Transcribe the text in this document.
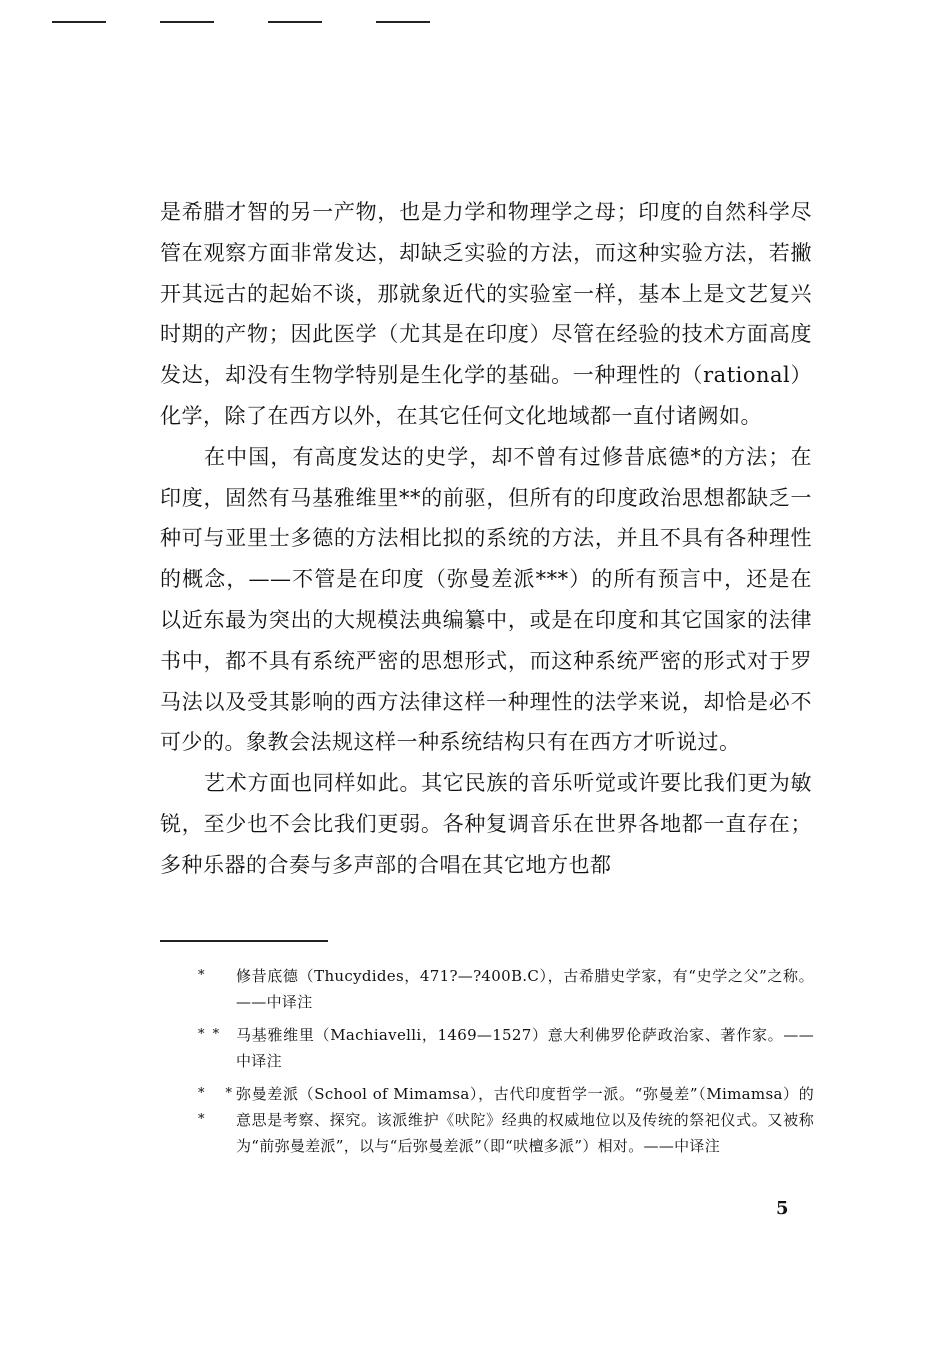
是希腊才智的另一产物，也是力学和物理学之母；印度的自然科学尽管在观察方面非常发达，却缺乏实验的方法，而这种实验方法，若撇开其远古的起始不谈，那就象近代的实验室一样，基本上是文艺复兴时期的产物；因此医学（尤其是在印度）尽管在经验的技术方面高度发达，却没有生物学特别是生化学的基础。一种理性的（rational）化学，除了在西方以外，在其它任何文化地域都一直付诸阙如。

在中国，有高度发达的史学，却不曾有过修昔底德*的方法；在印度，固然有马基雅维里**的前驱，但所有的印度政治思想都缺乏一种可与亚里士多德的方法相比拟的系统的方法，并且不具有各种理性的概念，——不管是在印度（弥曼差派***）的所有预言中，还是在以近东最为突出的大规模法典编纂中，或是在印度和其它国家的法律书中，都不具有系统严密的思想形式，而这种系统严密的形式对于罗马法以及受其影响的西方法律这样一种理性的法学来说，却恰是必不可少的。象教会法规这样一种系统结构只有在西方才听说过。

艺术方面也同样如此。其它民族的音乐听觉或许要比我们更为敏锐，至少也不会比我们更弱。各种复调音乐在世界各地都一直存在；多种乐器的合奏与多声部的合唱在其它地方也都

*	修昔底德（Thucydides，471?—?400B.C），古希腊史学家，有“史学之父”之称。——中译注
* * 马基雅维里（Machiavelli，1469—1527）意大利佛罗伦萨政治家、著作家。——中译注
* * *
弥曼差派（School of Mimamsa），古代印度哲学一派。“弥曼差”（Mimamsa）的意思是考察、探究。该派维护《吠陀》经典的权威地位以及传统的祭祀仪式。又被称为“前弥曼差派”，以与“后弥曼差派”（即“吠檀多派”）相对。——中译注
5
